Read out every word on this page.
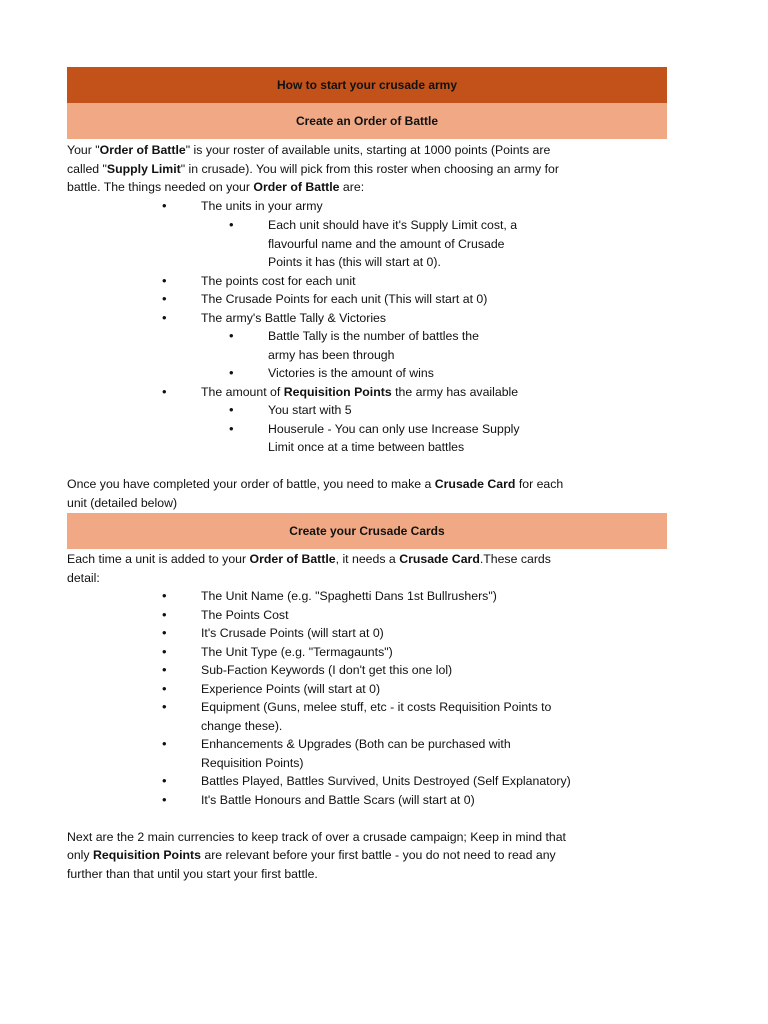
How to start your crusade army
Create an Order of Battle

Your "Order of Battle" is your roster of available units, starting at 1000 points (Points are called "Supply Limit" in crusade). You will pick from this roster when choosing an army for battle. The things needed on your Order of Battle are:

•	The units in your army
•	Each unit should have it's Supply Limit cost, a flavourful name and the amount of Crusade Points it has (this will start at 0).
•	The points cost for each unit
•	The Crusade Points for each unit (This will start at 0)
•	The army's Battle Tally & Victories
•	Battle Tally is the number of battles the army has been through
•	Victories is the amount of wins
•	The amount of Requisition Points the army has available
•	You start with 5
•	Houserule - You can only use Increase Supply Limit once at a time between battles

Once you have completed your order of battle, you need to make a Crusade Card for each unit (detailed below)

Create your Crusade Cards

Each time a unit is added to your Order of Battle, it needs a Crusade Card.These cards detail:

•	The Unit Name (e.g. "Spaghetti Dans 1st Bullrushers")
•	The Points Cost
•	It's Crusade Points (will start at 0)
•	The Unit Type (e.g. "Termagaunts")
•	Sub-Faction Keywords (I don't get this one lol)
•	Experience Points (will start at 0)
•	Equipment (Guns, melee stuff, etc - it costs Requisition Points to change these).
•	Enhancements & Upgrades (Both can be purchased with Requisition Points)
•	Battles Played, Battles Survived, Units Destroyed (Self Explanatory)
•	It's Battle Honours and Battle Scars (will start at 0)

Next are the 2 main currencies to keep track of over a crusade campaign; Keep in mind that only Requisition Points are relevant before your first battle - you do not need to read any further than that until you start your first battle.
